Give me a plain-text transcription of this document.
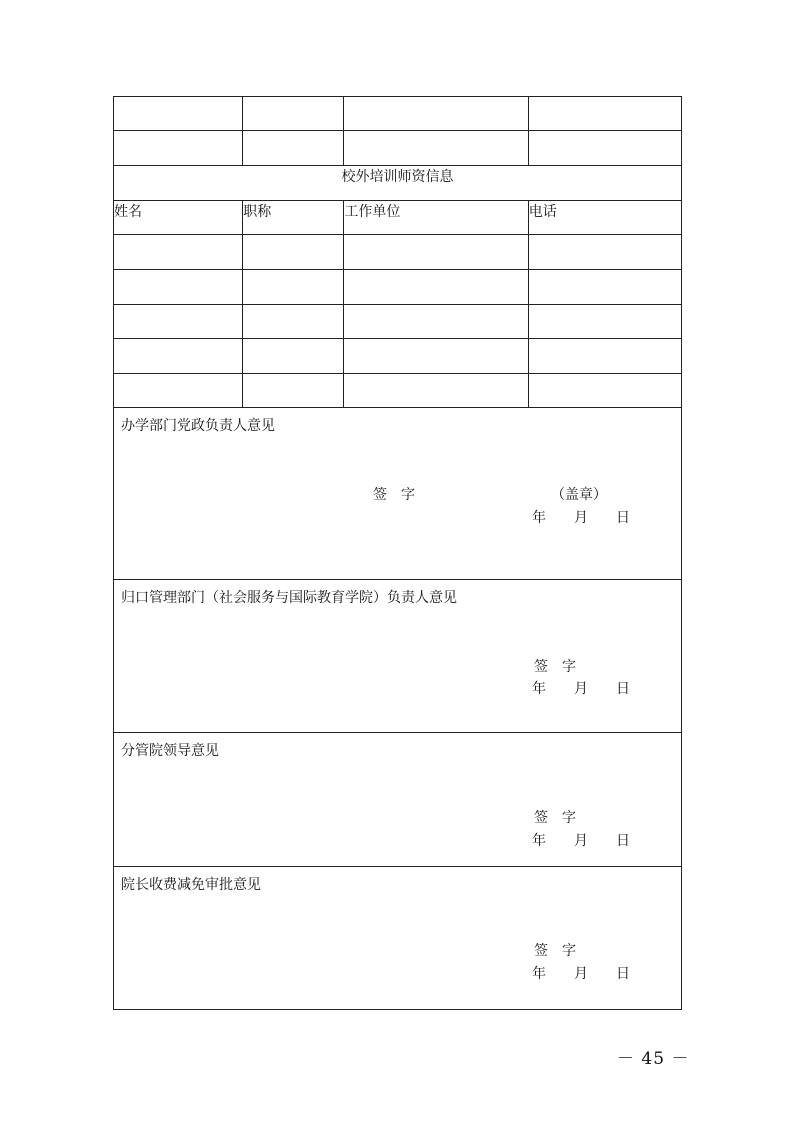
校外培训师资信息			
姓名	职称	工作单位	电话

办学部门党政负责人意见
签　字 （盖章）
年　　月　　日			

归口管理部门（社会服务与国际教育学院）负责人意见
签　字
年　　月　　日			

分管院领导意见
签　字
年　　月　　日			

院长收费减免审批意见
签　字
年　　月　　日			
－ 45 －
